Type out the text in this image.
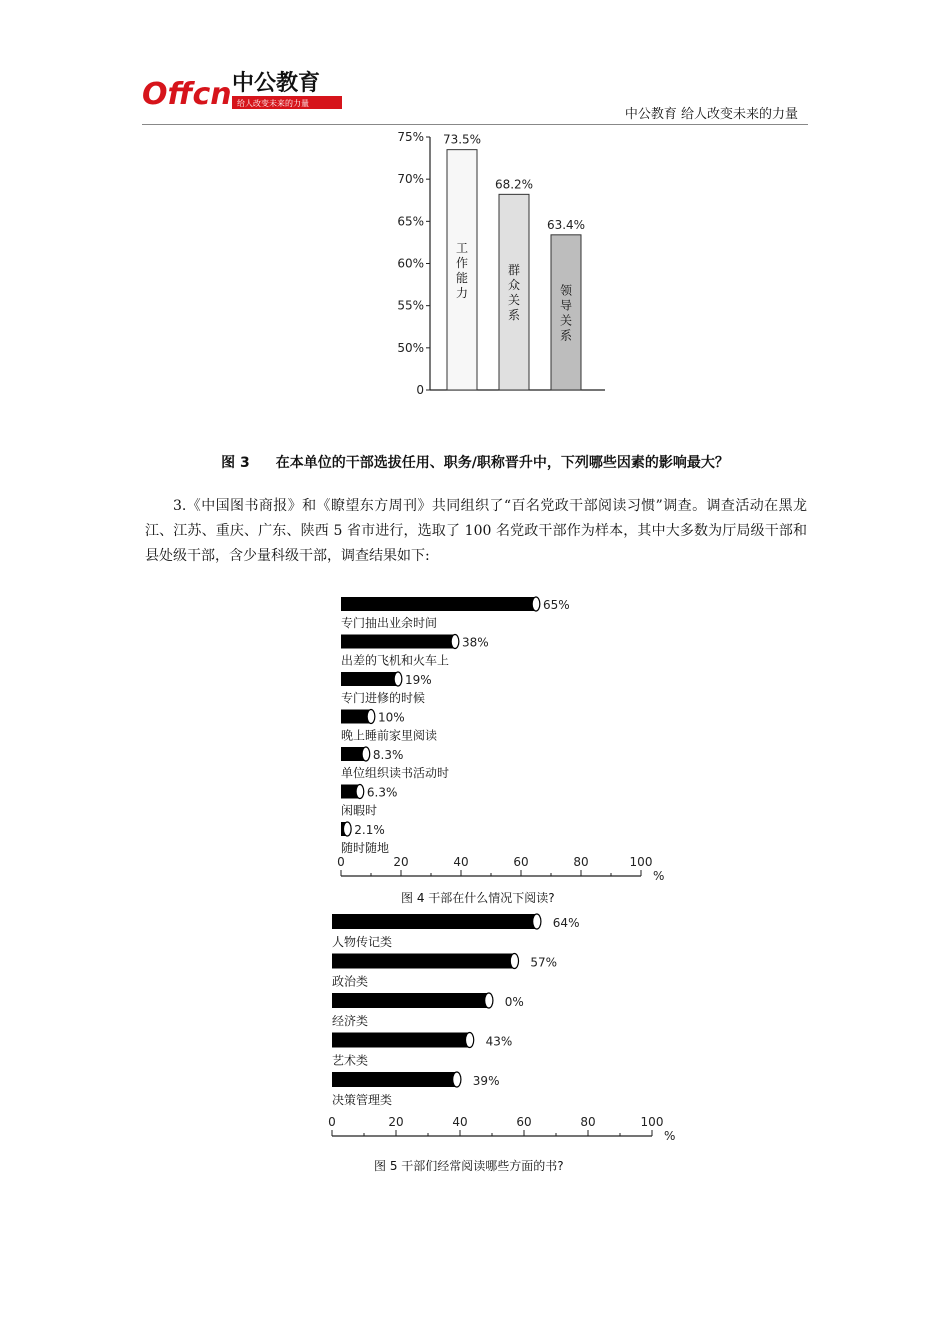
Offcn 中公教育
给人改变未来的力量
中公教育 给人改变未来的力量
0
50%
55%
60%
65%
70%
75% 73.5%
工作能力
68.2%
群众关系
63.4%
领导关系
图 3 在本单位的干部选拔任用、职务/职称晋升中，下列哪些因素的影响最大？
3.《中国图书商报》和《瞭望东方周刊》共同组织了“百名党政干部阅读习惯”调查。调查活动在黑龙江、江苏、重庆、广东、陕西 5 省市进行，选取了 100 名党政干部作为样本，其中大多数为厅局级干部和县处级干部，含少量科级干部，调查结果如下:
65%
专门抽出业余时间
38%
出差的飞机和火车上
19%
专门进修的时候
10%
晚上睡前家里阅读
8.3%
单位组织读书活动时
6.3%
闲暇时
2.1%
随时随地
0	20	40	60	80	100
%
图 4 干部在什么情况下阅读?
64%
人物传记类
57%
政治类
0%
经济类
43%
艺术类
39%
决策管理类
0	20	40	60	80	100
%
图 5 干部们经常阅读哪些方面的书?
